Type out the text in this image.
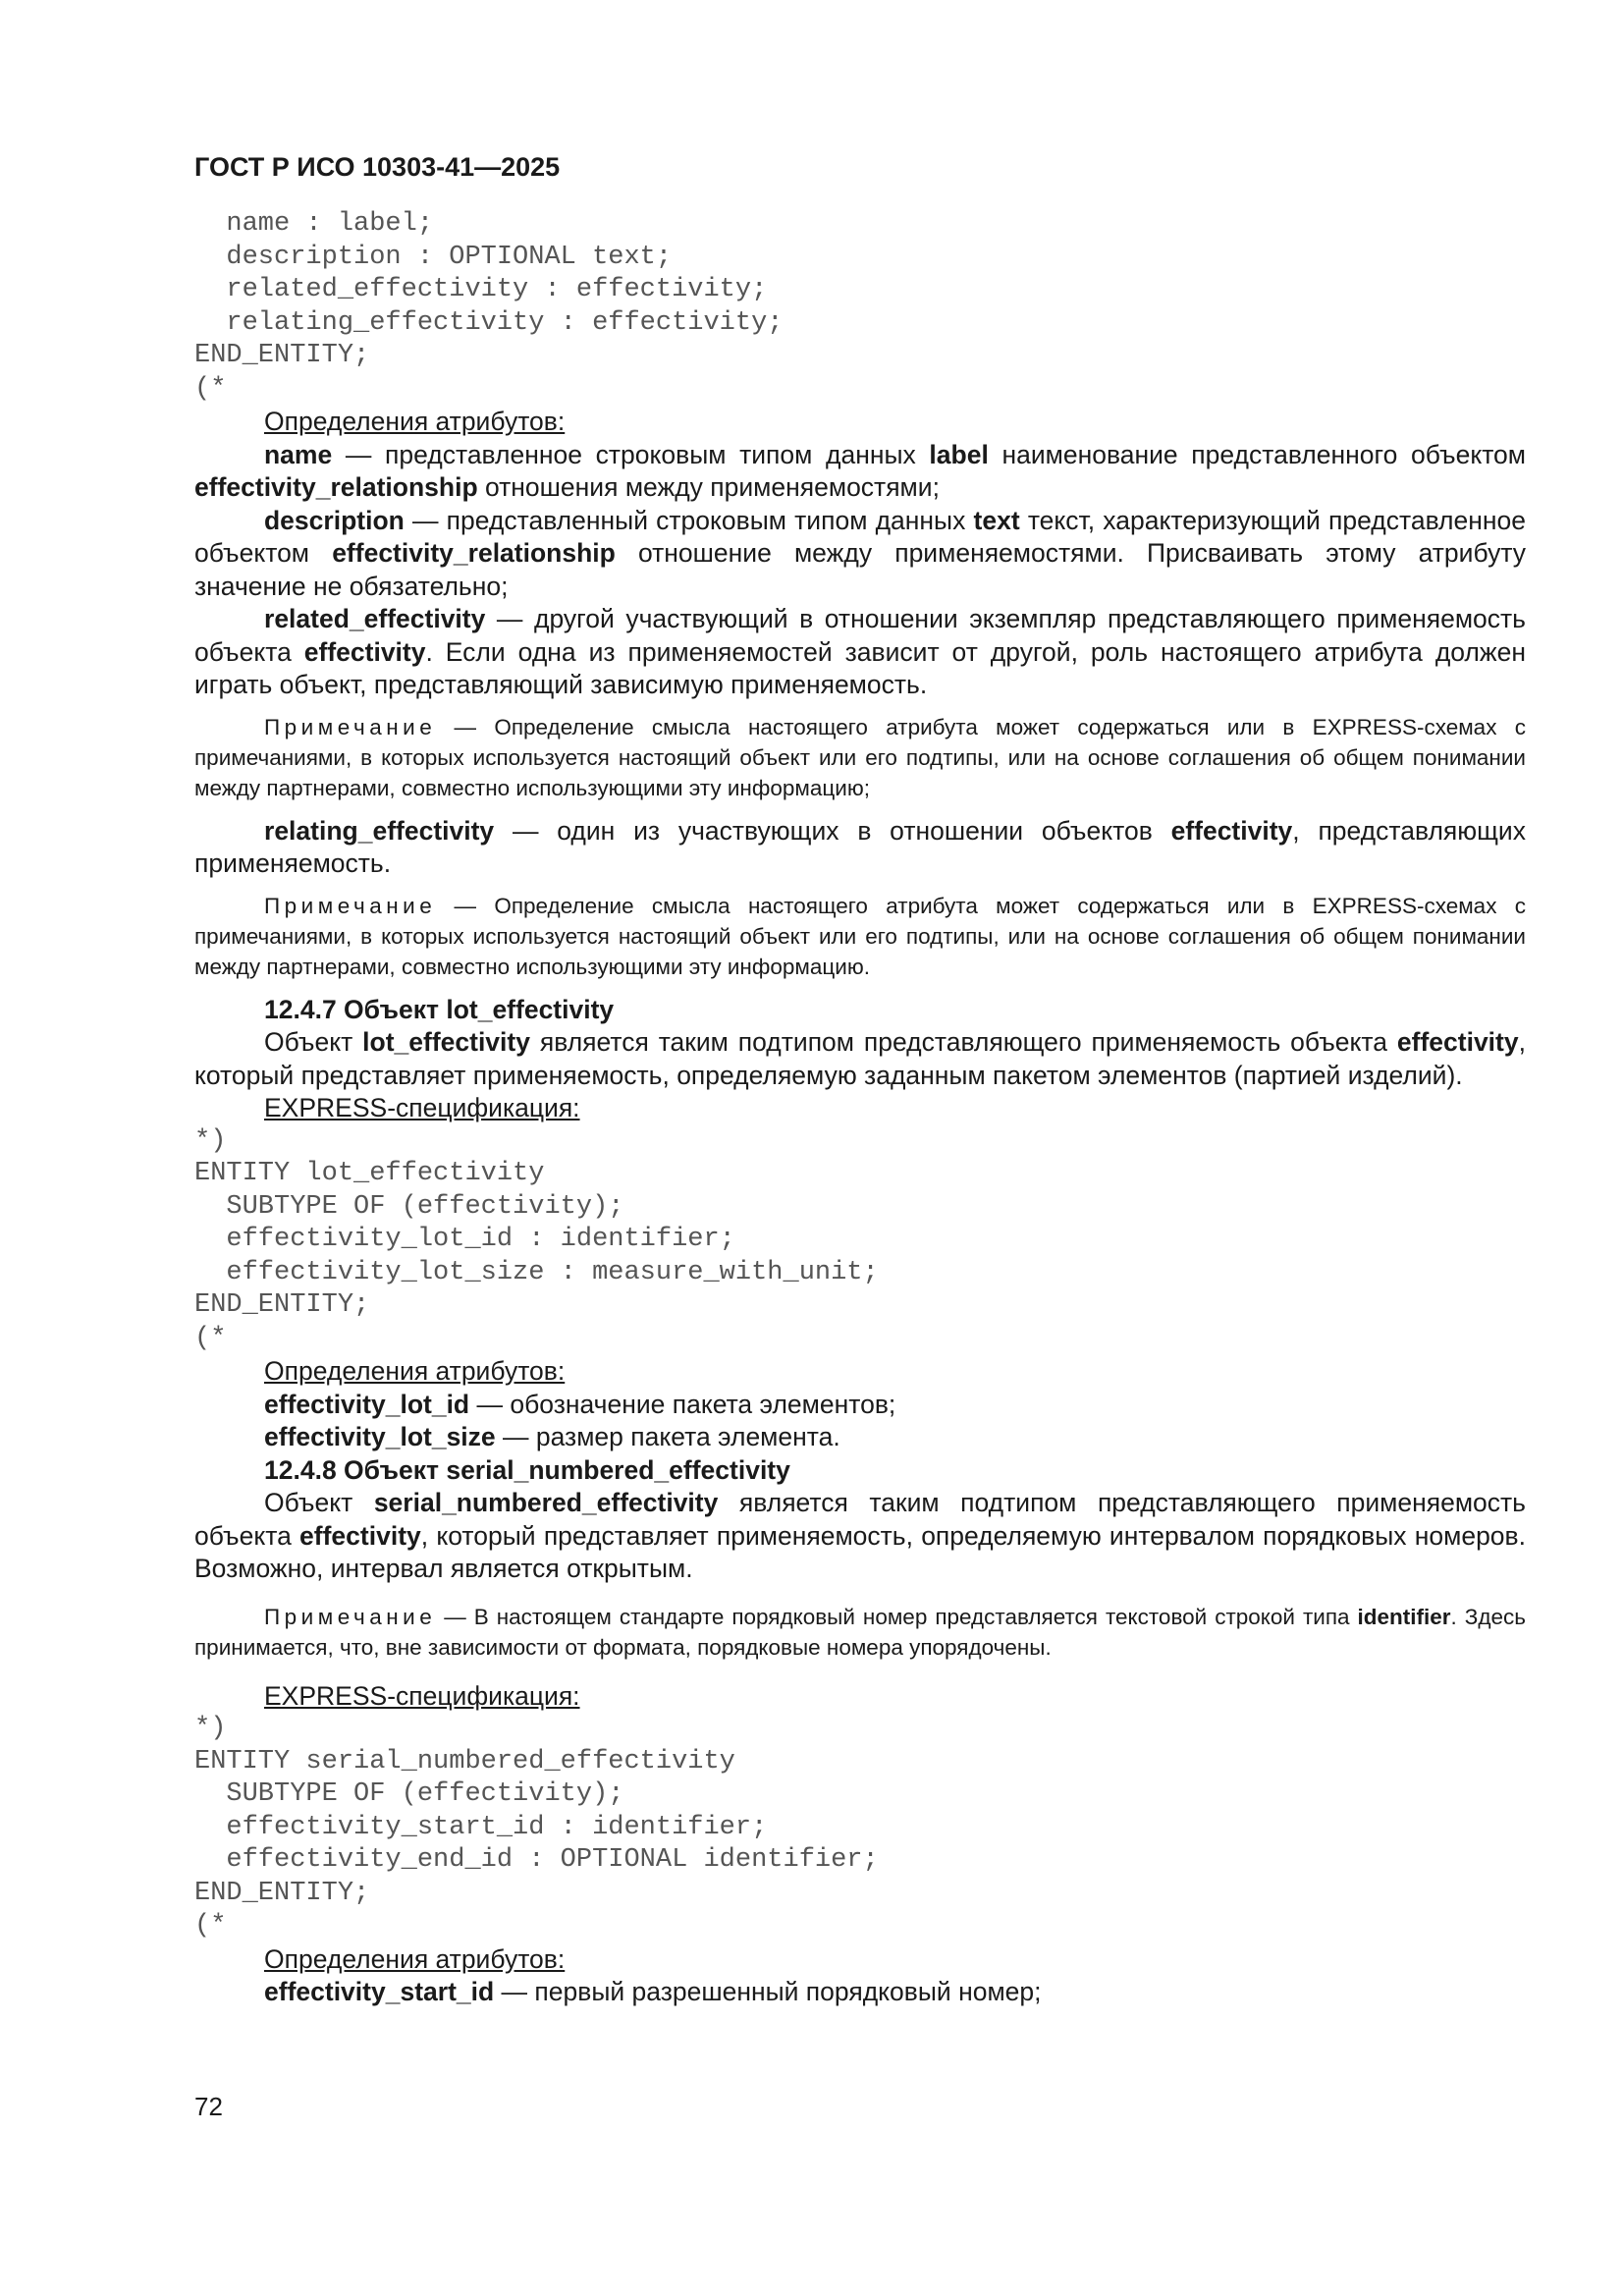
ГОСТ Р ИСО 10303-41—2025
name : label;
description : OPTIONAL text;
related_effectivity : effectivity;
relating_effectivity : effectivity;
END_ENTITY;
(*
Определения атрибутов:

name — представленное строковым типом данных label наименование представленного объектом effectivity_relationship отношения между применяемостями;

description — представленный строковым типом данных text текст, характеризующий представленное объектом effectivity_relationship отношение между применяемостями. Присваивать этому атрибуту значение не обязательно;

related_effectivity — другой участвующий в отношении экземпляр представляющего применяемость объекта effectivity. Если одна из применяемостей зависит от другой, роль настоящего атрибута должен играть объект, представляющий зависимую применяемость.

Примечание — Определение смысла настоящего атрибута может содержаться или в EXPRESS-схемах с примечаниями, в которых используется настоящий объект или его подтипы, или на основе соглашения об общем понимании между партнерами, совместно использующими эту информацию;

relating_effectivity — один из участвующих в отношении объектов effectivity, представляющих применяемость.

Примечание — Определение смысла настоящего атрибута может содержаться или в EXPRESS-схемах с примечаниями, в которых используется настоящий объект или его подтипы, или на основе соглашения об общем понимании между партнерами, совместно использующими эту информацию.

12.4.7 Объект lot_effectivity

Объект lot_effectivity является таким подтипом представляющего применяемость объекта effectivity, который представляет применяемость, определяемую заданным пакетом элементов (партией изделий).

EXPRESS-спецификация:
*)
ENTITY lot_effectivity
SUBTYPE OF (effectivity);
effectivity_lot_id : identifier;
effectivity_lot_size : measure_with_unit;
END_ENTITY;
(*
Определения атрибутов:

effectivity_lot_id — обозначение пакета элементов;

effectivity_lot_size — размер пакета элемента.

12.4.8 Объект serial_numbered_effectivity

Объект serial_numbered_effectivity является таким подтипом представляющего применяемость объекта effectivity, который представляет применяемость, определяемую интервалом порядковых номеров. Возможно, интервал является открытым.

Примечание — В настоящем стандарте порядковый номер представляется текстовой строкой типа identifier. Здесь принимается, что, вне зависимости от формата, порядковые номера упорядочены.

EXPRESS-спецификация:
*)
ENTITY serial_numbered_effectivity
SUBTYPE OF (effectivity);
effectivity_start_id : identifier;
effectivity_end_id : OPTIONAL identifier;
END_ENTITY;
(*
Определения атрибутов:

effectivity_start_id — первый разрешенный порядковый номер;

72
